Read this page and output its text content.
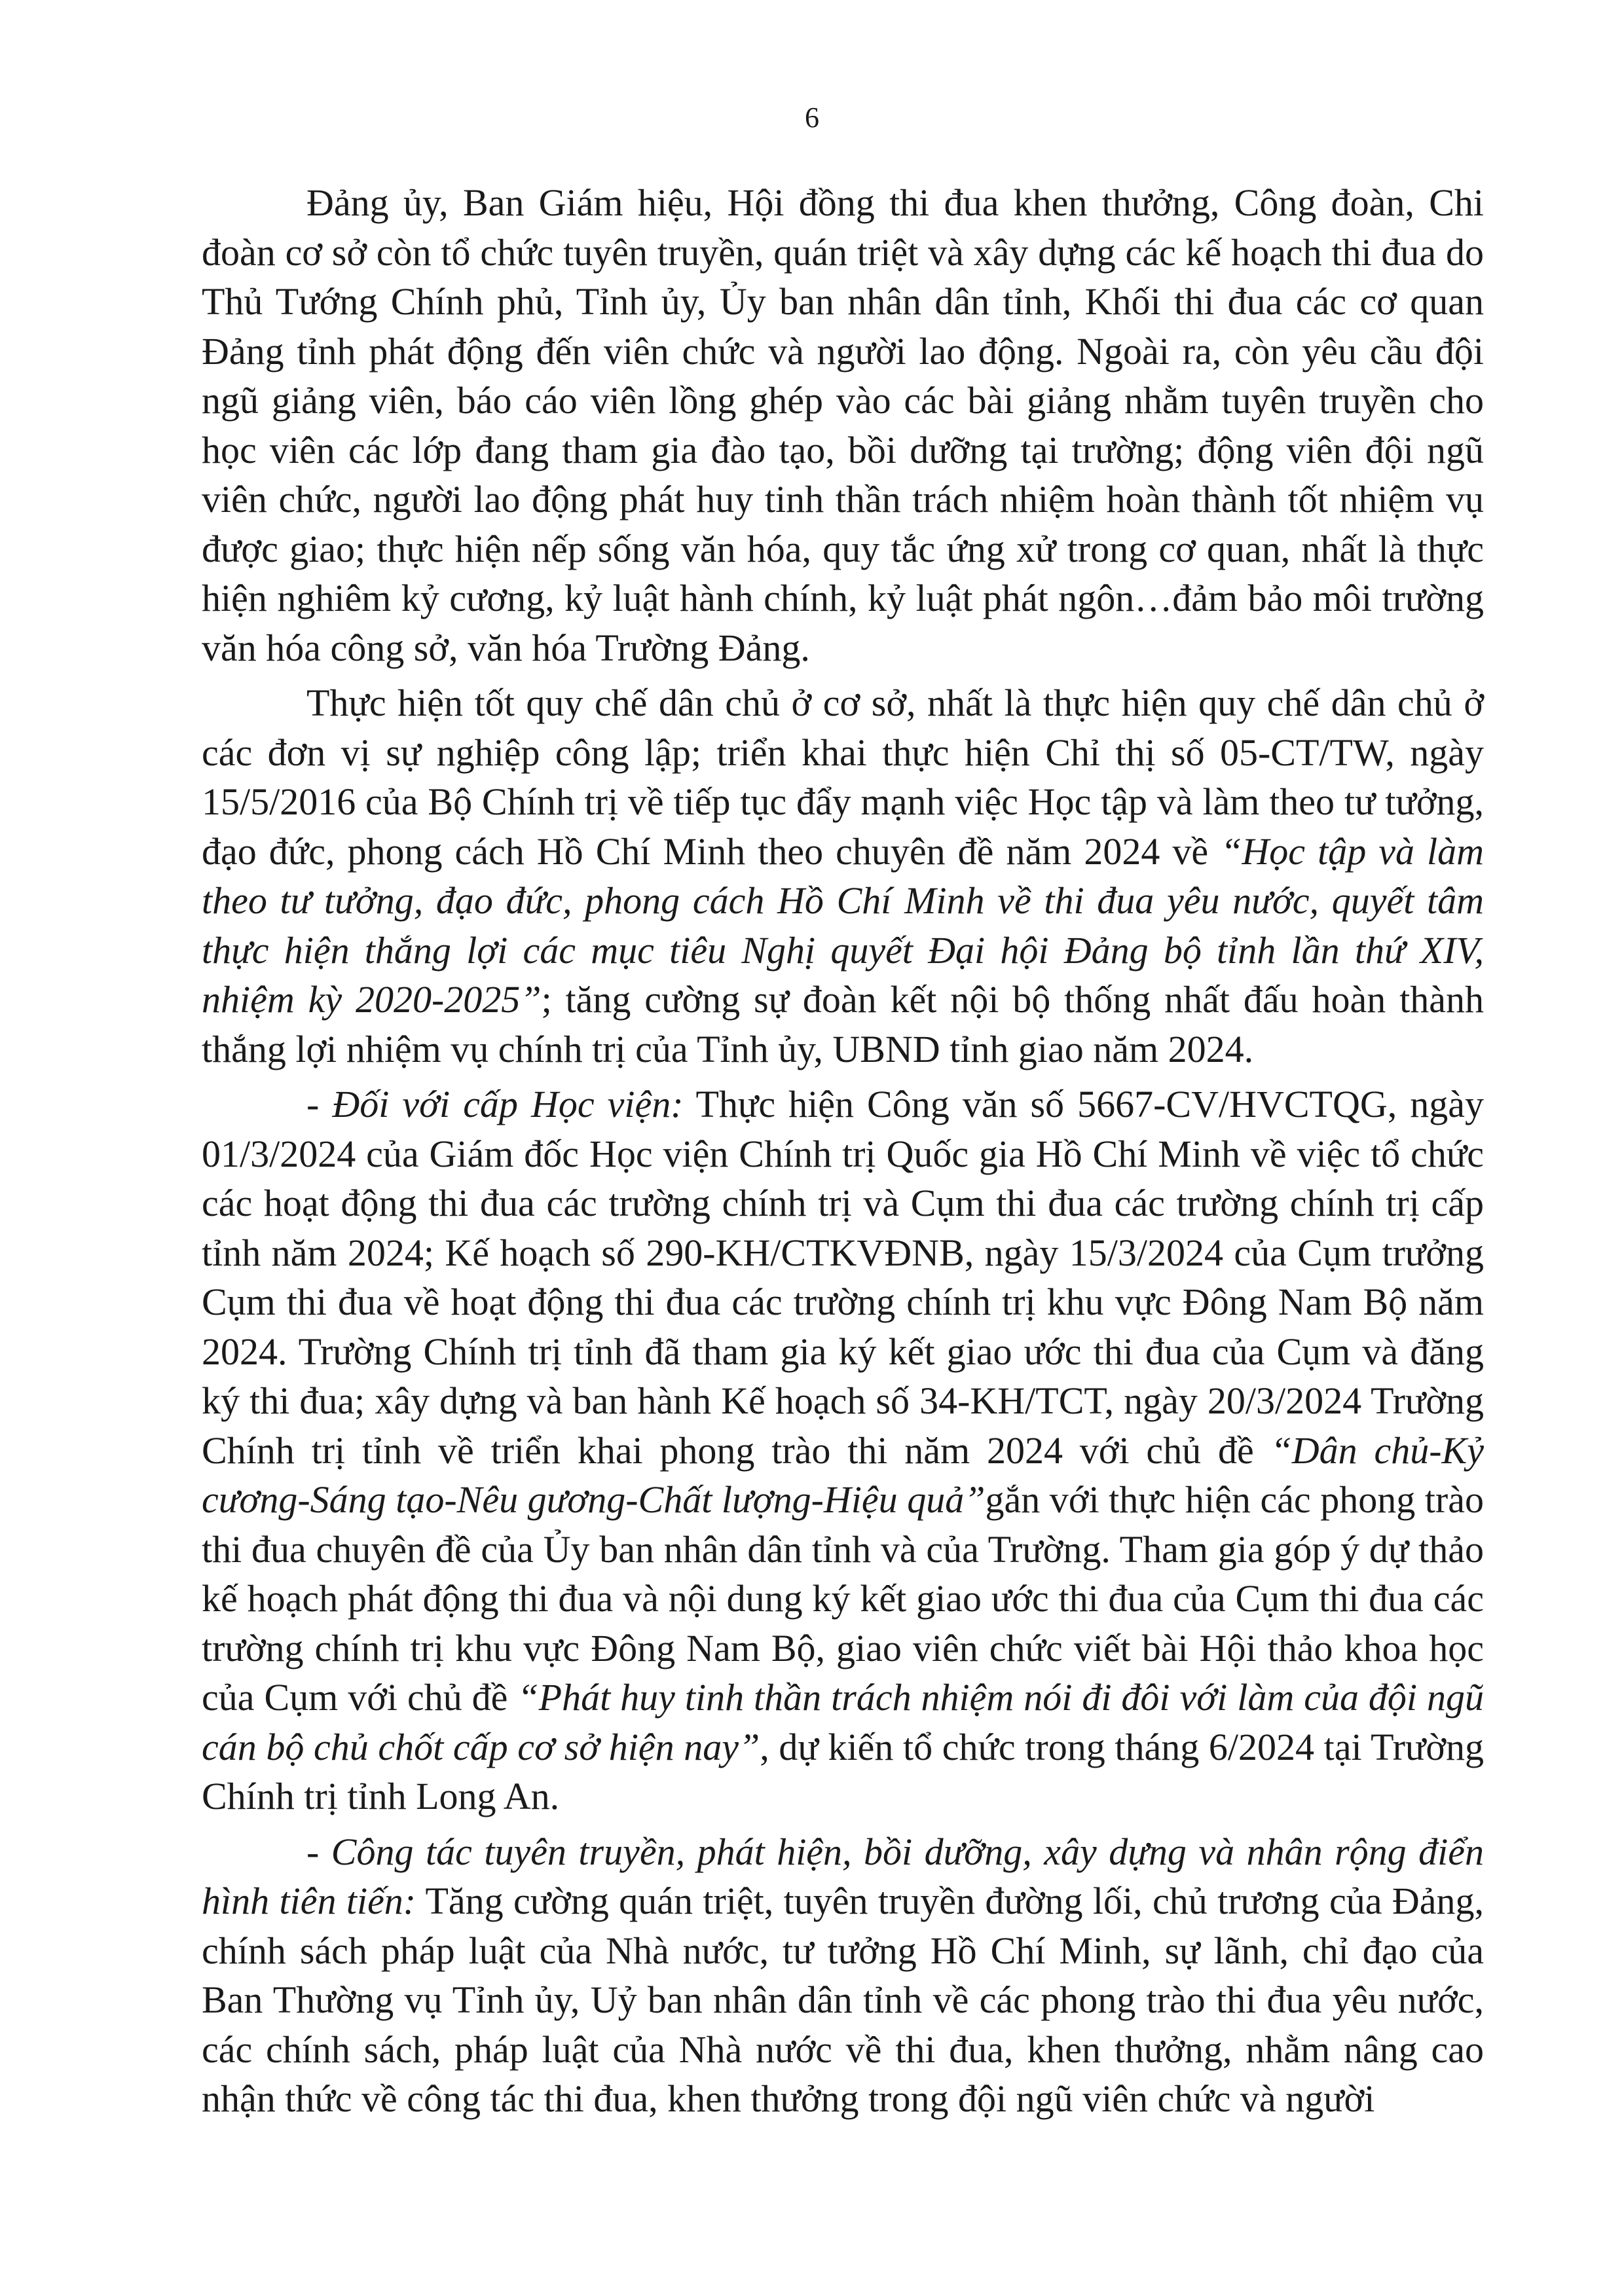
6

Đảng ủy, Ban Giám hiệu, Hội đồng thi đua khen thưởng, Công đoàn, Chi đoàn cơ sở còn tổ chức tuyên truyền, quán triệt và xây dựng các kế hoạch thi đua do Thủ Tướng Chính phủ, Tỉnh ủy, Ủy ban nhân dân tỉnh, Khối thi đua các cơ quan Đảng tỉnh phát động đến viên chức và người lao động. Ngoài ra, còn yêu cầu đội ngũ giảng viên, báo cáo viên lồng ghép vào các bài giảng nhằm tuyên truyền cho học viên các lớp đang tham gia đào tạo, bồi dưỡng tại trường; động viên đội ngũ viên chức, người lao động phát huy tinh thần trách nhiệm hoàn thành tốt nhiệm vụ được giao; thực hiện nếp sống văn hóa, quy tắc ứng xử trong cơ quan, nhất là thực hiện nghiêm kỷ cương, kỷ luật hành chính, kỷ luật phát ngôn…đảm bảo môi trường văn hóa công sở, văn hóa Trường Đảng.

Thực hiện tốt quy chế dân chủ ở cơ sở, nhất là thực hiện quy chế dân chủ ở các đơn vị sự nghiệp công lập; triển khai thực hiện Chỉ thị số 05-CT/TW, ngày 15/5/2016 của Bộ Chính trị về tiếp tục đẩy mạnh việc Học tập và làm theo tư tưởng, đạo đức, phong cách Hồ Chí Minh theo chuyên đề năm 2024 về “Học tập và làm theo tư tưởng, đạo đức, phong cách Hồ Chí Minh về thi đua yêu nước, quyết tâm thực hiện thắng lợi các mục tiêu Nghị quyết Đại hội Đảng bộ tỉnh lần thứ XIV, nhiệm kỳ 2020-2025”; tăng cường sự đoàn kết nội bộ thống nhất đấu hoàn thành thắng lợi nhiệm vụ chính trị của Tỉnh ủy, UBND tỉnh giao năm 2024.

- Đối với cấp Học viện: Thực hiện Công văn số 5667-CV/HVCTQG, ngày 01/3/2024 của Giám đốc Học viện Chính trị Quốc gia Hồ Chí Minh về việc tổ chức các hoạt động thi đua các trường chính trị và Cụm thi đua các trường chính trị cấp tỉnh năm 2024; Kế hoạch số 290-KH/CTKVĐNB, ngày 15/3/2024 của Cụm trưởng Cụm thi đua về hoạt động thi đua các trường chính trị khu vực Đông Nam Bộ năm 2024. Trường Chính trị tỉnh đã tham gia ký kết giao ước thi đua của Cụm và đăng ký thi đua; xây dựng và ban hành Kế hoạch số 34-KH/TCT, ngày 20/3/2024 Trường Chính trị tỉnh về triển khai phong trào thi năm 2024 với chủ đề “Dân chủ-Kỷ cương-Sáng tạo-Nêu gương-Chất lượng-Hiệu quả”gắn với thực hiện các phong trào thi đua chuyên đề của Ủy ban nhân dân tỉnh và của Trường. Tham gia góp ý dự thảo kế hoạch phát động thi đua và nội dung ký kết giao ước thi đua của Cụm thi đua các trường chính trị khu vực Đông Nam Bộ, giao viên chức viết bài Hội thảo khoa học của Cụm với chủ đề “Phát huy tinh thần trách nhiệm nói đi đôi với làm của đội ngũ cán bộ chủ chốt cấp cơ sở hiện nay”, dự kiến tổ chức trong tháng 6/2024 tại Trường Chính trị tỉnh Long An.

- Công tác tuyên truyền, phát hiện, bồi dưỡng, xây dựng và nhân rộng điển hình tiên tiến: Tăng cường quán triệt, tuyên truyền đường lối, chủ trương của Đảng, chính sách pháp luật của Nhà nước, tư tưởng Hồ Chí Minh, sự lãnh, chỉ đạo của Ban Thường vụ Tỉnh ủy, Uỷ ban nhân dân tỉnh về các phong trào thi đua yêu nước, các chính sách, pháp luật của Nhà nước về thi đua, khen thưởng, nhằm nâng cao nhận thức về công tác thi đua, khen thưởng trong đội ngũ viên chức và người
